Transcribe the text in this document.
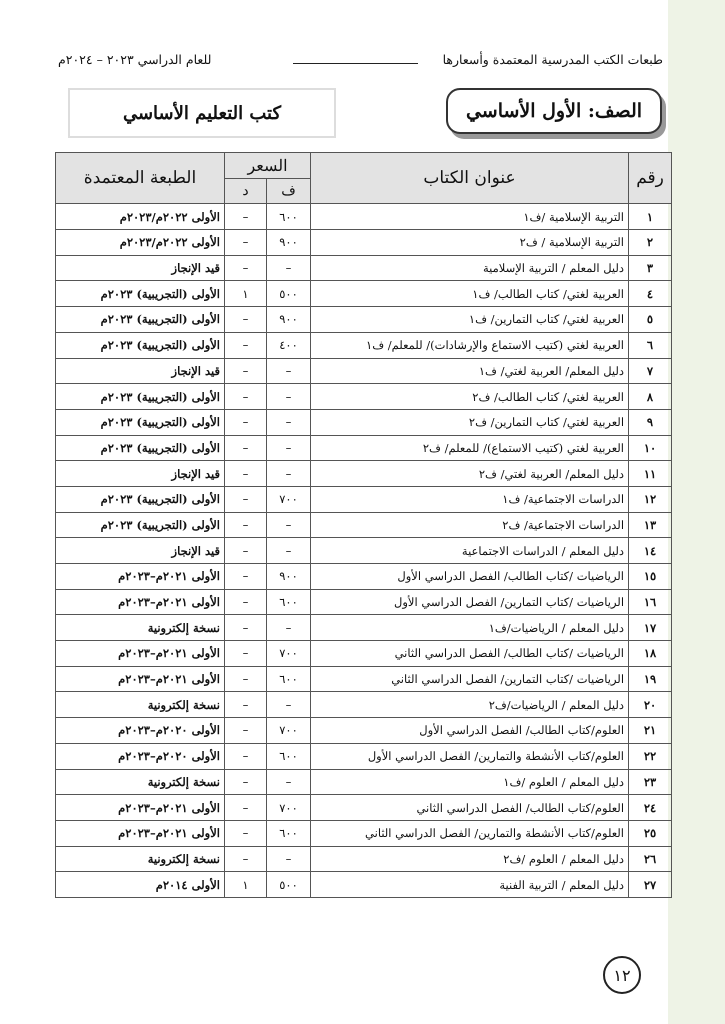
طبعات الكتب المدرسية المعتمدة وأسعارها
للعام الدراسي ٢٠٢٣ – ٢٠٢٤م
كتب التعليم الأساسي	الصف: الأول الأساسي
رقم	عنوان الكتاب	السعر		الطبعة المعتمدة
		ف	د	
١	التربية الإسلامية /ف١	٦٠٠	–	الأولى ٢٠٢٢م/٢٠٢٣م
٢	التربية الإسلامية / ف٢	٩٠٠	–	الأولى ٢٠٢٢م/٢٠٢٣م
٣	دليل المعلم / التربية الإسلامية	–	–	قيد الإنجاز
٤	العربية لغتي/ كتاب الطالب/ ف١	٥٠٠	١	الأولى (التجريبية) ٢٠٢٣م
٥	العربية لغتي/ كتاب التمارين/ ف١	٩٠٠	–	الأولى (التجريبية) ٢٠٢٣م
٦	العربية لغتي (كتيب الاستماع والإرشادات)/ للمعلم/ ف١	٤٠٠	–	الأولى (التجريبية) ٢٠٢٣م
٧	دليل المعلم/ العربية لغتي/ ف١	–	–	قيد الإنجاز
٨	العربية لغتي/ كتاب الطالب/ ف٢	–	–	الأولى (التجريبية) ٢٠٢٣م
٩	العربية لغتي/ كتاب التمارين/ ف٢	–	–	الأولى (التجريبية) ٢٠٢٣م
١٠	العربية لغتي (كتيب الاستماع)/ للمعلم/ ف٢	–	–	الأولى (التجريبية) ٢٠٢٣م
١١	دليل المعلم/ العربية لغتي/ ف٢	–	–	قيد الإنجاز
١٢	الدراسات الاجتماعية/ ف١	٧٠٠	–	الأولى (التجريبية) ٢٠٢٣م
١٣	الدراسات الاجتماعية/ ف٢	–	–	الأولى (التجريبية) ٢٠٢٣م
١٤	دليل المعلم / الدراسات الاجتماعية	–	–	قيد الإنجاز
١٥	الرياضيات /كتاب الطالب/ الفصل الدراسي الأول	٩٠٠	–	الأولى ٢٠٢١م–٢٠٢٣م
١٦	الرياضيات /كتاب التمارين/ الفصل الدراسي الأول	٦٠٠	–	الأولى ٢٠٢١م–٢٠٢٣م
١٧	دليل المعلم / الرياضيات/ف١	–	–	نسخة إلكترونية
١٨	الرياضيات /كتاب الطالب/ الفصل الدراسي الثاني	٧٠٠	–	الأولى ٢٠٢١م–٢٠٢٣م
١٩	الرياضيات /كتاب التمارين/ الفصل الدراسي الثاني	٦٠٠	–	الأولى ٢٠٢١م–٢٠٢٣م
٢٠	دليل المعلم / الرياضيات/ف٢	–	–	نسخة إلكترونية
٢١	العلوم/كتاب الطالب/ الفصل الدراسي الأول	٧٠٠	–	الأولى ٢٠٢٠م–٢٠٢٣م
٢٢	العلوم/كتاب الأنشطة والتمارين/ الفصل الدراسي الأول	٦٠٠	–	الأولى ٢٠٢٠م–٢٠٢٣م
٢٣	دليل المعلم / العلوم /ف١	–	–	نسخة إلكترونية
٢٤	العلوم/كتاب الطالب/ الفصل الدراسي الثاني	٧٠٠	–	الأولى ٢٠٢١م–٢٠٢٣م
٢٥	العلوم/كتاب الأنشطة والتمارين/ الفصل الدراسي الثاني	٦٠٠	–	الأولى ٢٠٢١م–٢٠٢٣م
٢٦	دليل المعلم / العلوم /ف٢	–	–	نسخة إلكترونية
٢٧	دليل المعلم / التربية الفنية	٥٠٠	١	الأولى ٢٠١٤م
١٢
